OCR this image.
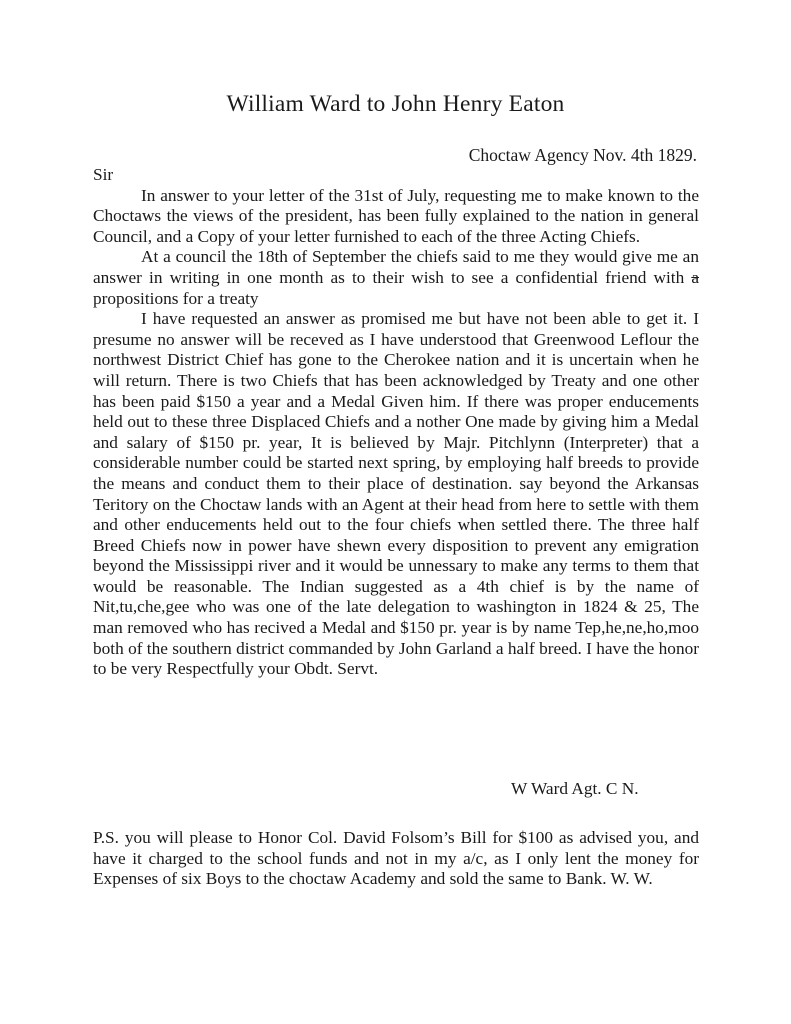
William Ward to John Henry Eaton
Choctaw Agency Nov. 4th 1829.

Sir

In answer to your letter of the 31st of July, requesting me to make known to the Choctaws the views of the president, has been fully explained to the nation in general Council, and a Copy of your letter furnished to each of the three Acting Chiefs.

At a council the 18th of September the chiefs said to me they would give me an answer in writing in one month as to their wish to see a confidential friend with a propositions for a treaty

I have requested an answer as promised me but have not been able to get it. I presume no answer will be receved as I have understood that Greenwood Leflour the northwest District Chief has gone to the Cherokee nation and it is uncertain when he will return. There is two Chiefs that has been acknowledged by Treaty and one other has been paid $150 a year and a Medal Given him. If there was proper enducements held out to these three Displaced Chiefs and a nother One made by giving him a Medal and salary of $150 pr. year, It is believed by Majr. Pitchlynn (Interpreter) that a considerable number could be started next spring, by employing half breeds to provide the means and conduct them to their place of destination. say beyond the Arkansas Teritory on the Choctaw lands with an Agent at their head from here to settle with them and other enducements held out to the four chiefs when settled there. The three half Breed Chiefs now in power have shewn every disposition to prevent any emigration beyond the Mississippi river and it would be unnessary to make any terms to them that would be reasonable. The Indian suggested as a 4th chief is by the name of Nit,tu,che,gee who was one of the late delegation to washington in 1824 & 25, The man removed who has recived a Medal and $150 pr. year is by name Tep,he,ne,ho,moo both of the southern district commanded by John Garland a half breed. I have the honor to be very Respectfully your Obdt. Servt.

W Ward Agt. C N.

P.S. you will please to Honor Col. David Folsom’s Bill for $100 as advised you, and have it charged to the school funds and not in my a/c, as I only lent the money for Expenses of six Boys to the choctaw Academy and sold the same to Bank. W. W.
